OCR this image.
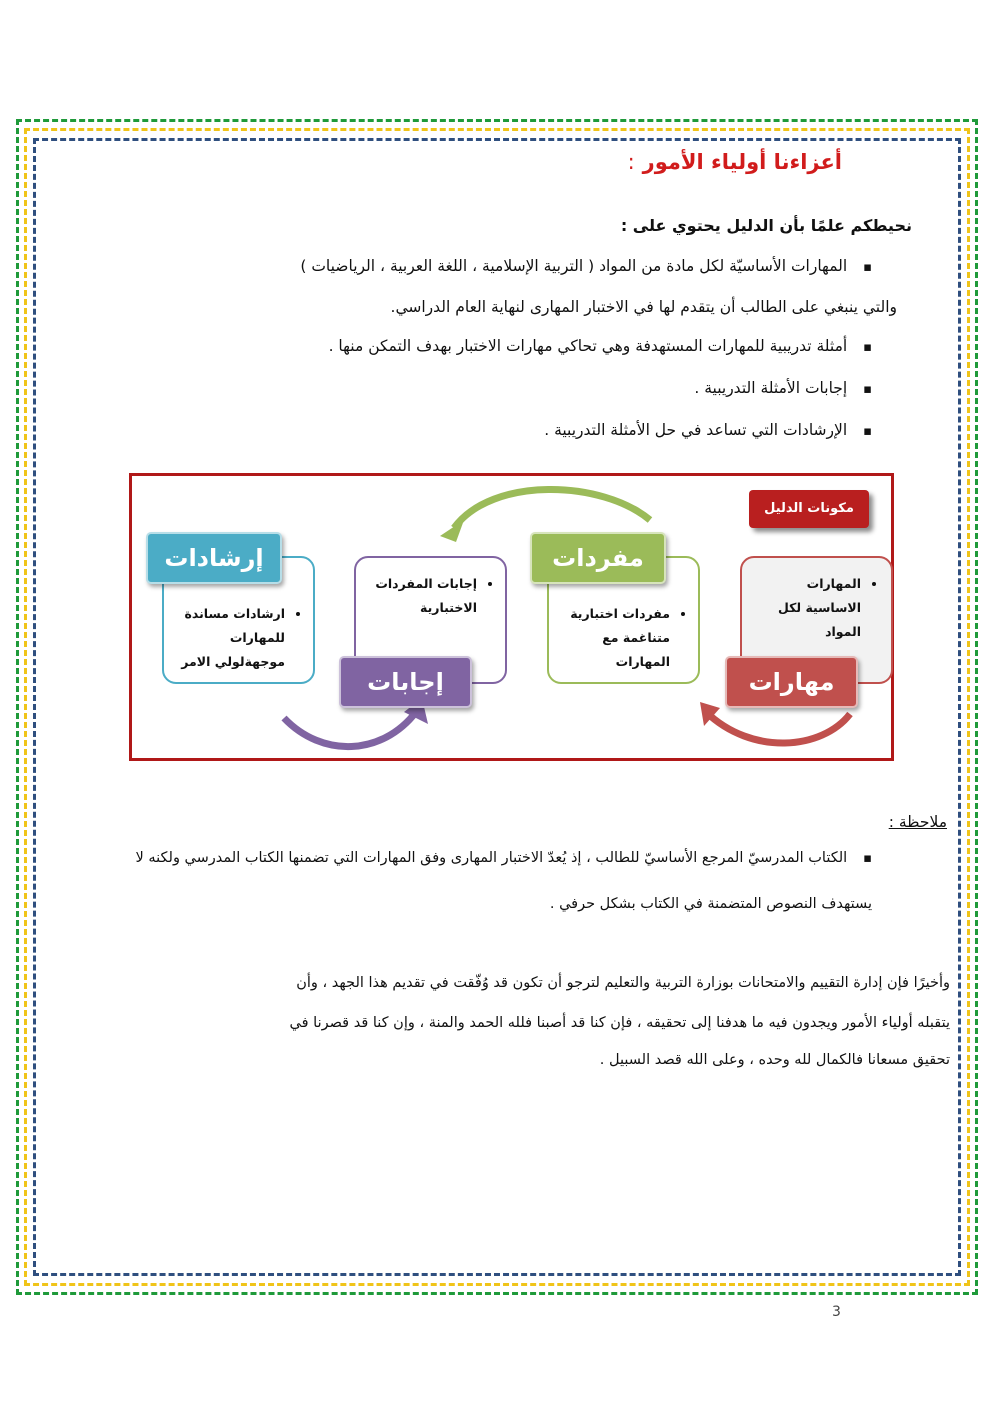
أعزاءنا أولياء الأمور:
نحيطكم علمًا بأن الدليل يحتوي على :
▪ المهارات الأساسيّة لكل مادة من المواد ( التربية الإسلامية ، اللغة العربية ، الرياضيات )
والتي ينبغي على الطالب أن يتقدم لها في الاختبار المهارى لنهاية العام الدراسي.
▪ أمثلة تدريبية للمهارات المستهدفة وهي تحاكي مهارات الاختبار بهدف التمكن منها .
▪ إجابات الأمثلة التدريبية .
▪ الإرشادات التي تساعد في حل الأمثلة التدريبية .
مكونات الدليل
• المهارات
الاساسية لكل
المواد
مهارات
• مفردات اختبارية
متناغمة مع
المهارات
مفردات
• إجابات المفردات
الاختبارية
إجابات
• ارشادات مساندة
للمهارات
موجهةلولي الامر
إرشادات
ملاحظة :
▪ الكتاب المدرسيّ المرجع الأساسيّ للطالب ، إذ يُعدّ الاختبار المهارى وفق المهارات التي تضمنها الكتاب المدرسي ولكنه لا
يستهدف النصوص المتضمنة في الكتاب بشكل حرفي .
وأخيرًا فإن إدارة التقييم والامتحانات بوزارة التربية والتعليم لترجو أن تكون قد وُفّقت في تقديم هذا الجهد ، وأن
يتقبله أولياء الأمور ويجدون فيه ما هدفنا إلى تحقيقه ، فإن كنا قد أصبنا فلله الحمد والمنة ، وإن كنا قد قصرنا في
تحقيق مسعانا فالكمال لله وحده ، وعلى الله قصد السبيل .
3
